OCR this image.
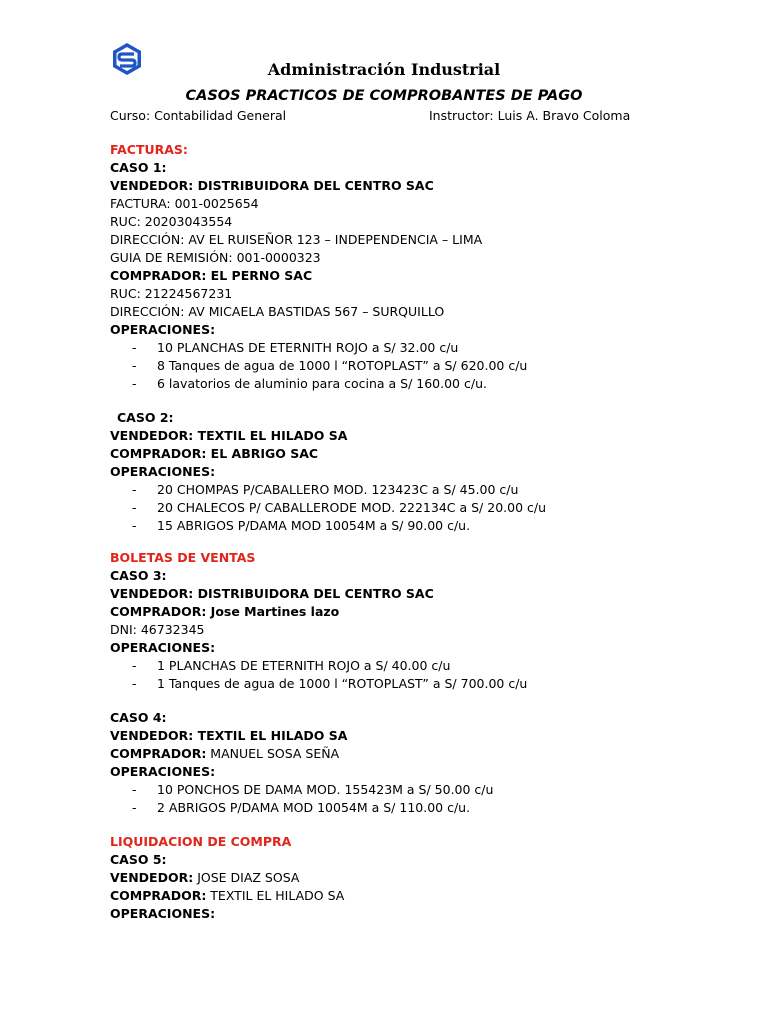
Administración Industrial
CASOS PRACTICOS DE COMPROBANTES DE PAGO
Curso: Contabilidad General	Instructor: Luis A. Bravo Coloma
FACTURAS:
CASO 1:
VENDEDOR: DISTRIBUIDORA DEL CENTRO SAC
FACTURA: 001-0025654
RUC: 20203043554
DIRECCIÓN: AV EL RUISEÑOR 123 – INDEPENDENCIA – LIMA
GUIA DE REMISIÓN: 001-0000323
COMPRADOR: EL PERNO SAC
RUC: 21224567231
DIRECCIÓN: AV MICAELA BASTIDAS 567 – SURQUILLO
OPERACIONES:
- 10 PLANCHAS DE ETERNITH ROJO a S/ 32.00 c/u
- 8 Tanques de agua de 1000 l “ROTOPLAST” a S/ 620.00 c/u
- 6 lavatorios de aluminio para cocina a S/ 160.00 c/u.
CASO 2:
VENDEDOR: TEXTIL EL HILADO SA
COMPRADOR: EL ABRIGO SAC
OPERACIONES:
- 20 CHOMPAS P/CABALLERO MOD. 123423C a S/ 45.00 c/u
- 20 CHALECOS P/ CABALLERODE MOD. 222134C a S/ 20.00 c/u
- 15 ABRIGOS P/DAMA MOD 10054M a S/ 90.00 c/u.
BOLETAS DE VENTAS
CASO 3:
VENDEDOR: DISTRIBUIDORA DEL CENTRO SAC
COMPRADOR: Jose Martines lazo
DNI: 46732345
OPERACIONES:
- 1 PLANCHAS DE ETERNITH ROJO a S/ 40.00 c/u
- 1 Tanques de agua de 1000 l “ROTOPLAST” a S/ 700.00 c/u
CASO 4:
VENDEDOR: TEXTIL EL HILADO SA
COMPRADOR: MANUEL SOSA SEÑA
OPERACIONES:
- 10 PONCHOS DE DAMA MOD. 155423M a S/ 50.00 c/u
- 2 ABRIGOS P/DAMA MOD 10054M a S/ 110.00 c/u.
LIQUIDACION DE COMPRA
CASO 5:
VENDEDOR: JOSE DIAZ SOSA
COMPRADOR: TEXTIL EL HILADO SA
OPERACIONES:
